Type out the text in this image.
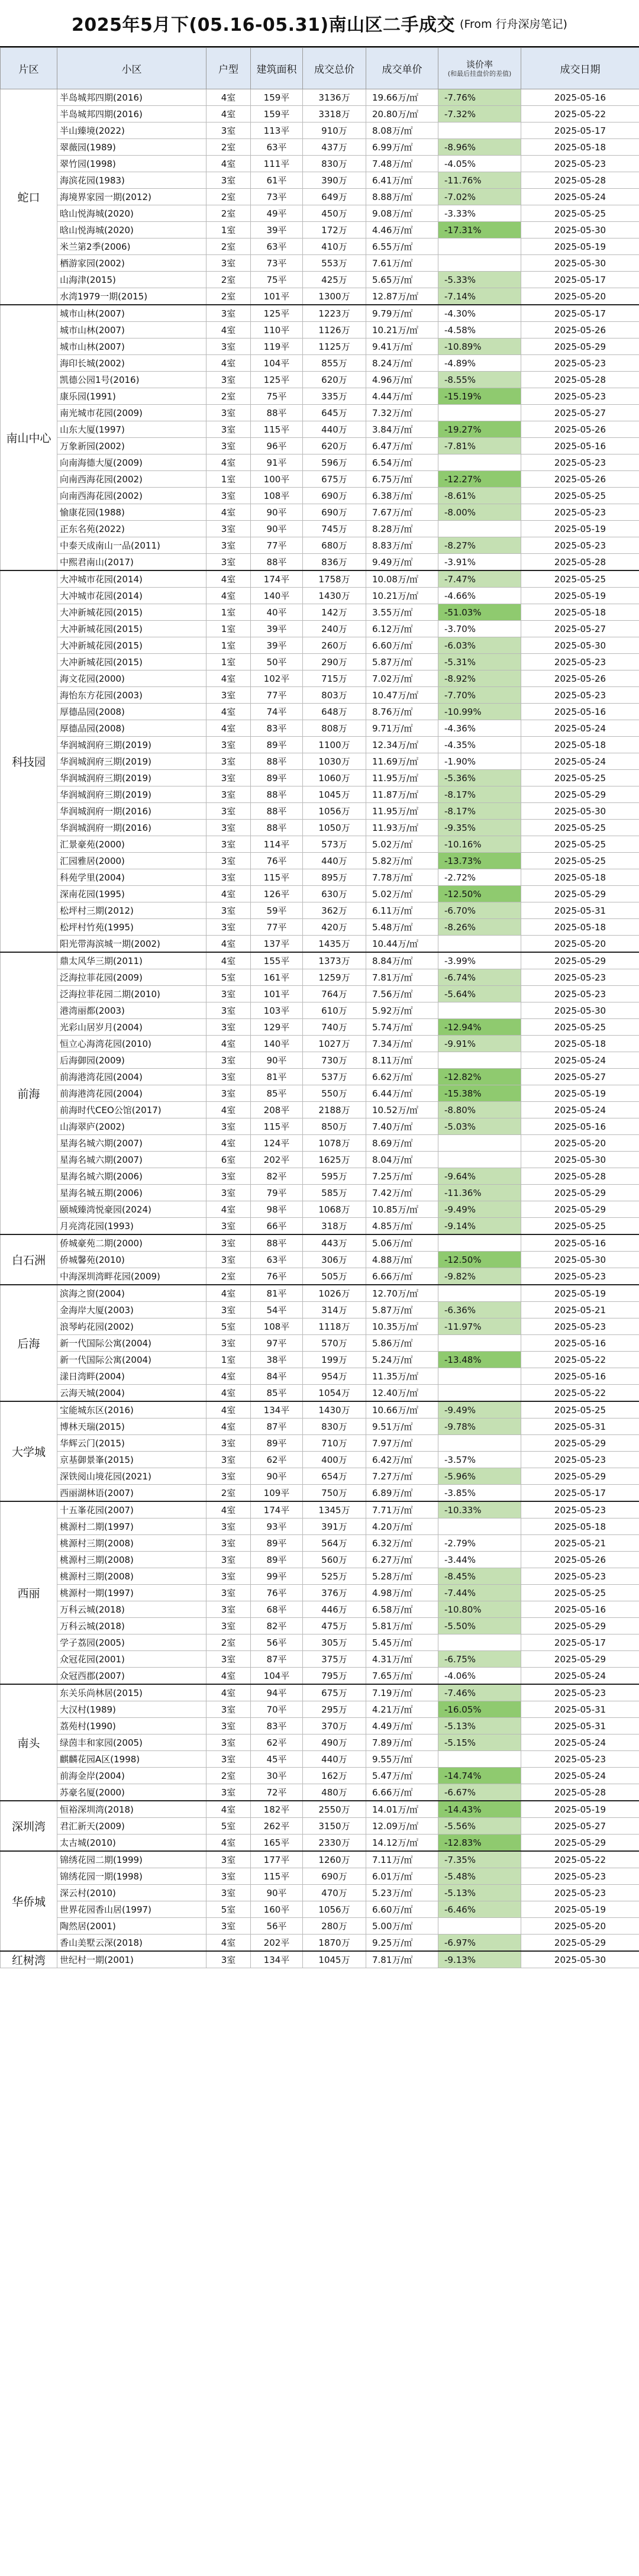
2025年5月下(05.16-05.31)南山区二手成交 (From 行舟深房笔记)
片区	小区	户型	建筑面积	成交总价	成交单价	谈价率
(和最后挂盘价的差值)	成交日期
蛇口	半岛城邦四期(2016)	4室	159平	3136万	19.66万/㎡	-7.76%	2025-05-16
	半岛城邦四期(2016)	4室	159平	3318万	20.80万/㎡	-7.32%	2025-05-22
	半山臻境(2022)	3室	113平	910万	8.08万/㎡		2025-05-17
	翠薇园(1989)	2室	63平	437万	6.99万/㎡	-8.96%	2025-05-18
	翠竹园(1998)	4室	111平	830万	7.48万/㎡	-4.05%	2025-05-23
	海滨花园(1983)	3室	61平	390万	6.41万/㎡	-11.76%	2025-05-28
	海境界家园一期(2012)	2室	73平	649万	8.88万/㎡	-7.02%	2025-05-24
	晗山悦海城(2020)	2室	49平	450万	9.08万/㎡	-3.33%	2025-05-25
	晗山悦海城(2020)	1室	39平	172万	4.46万/㎡	-17.31%	2025-05-30
	米兰第2季(2006)	2室	63平	410万	6.55万/㎡		2025-05-19
	栖游家园(2002)	3室	73平	553万	7.61万/㎡		2025-05-30
	山海津(2015)	2室	75平	425万	5.65万/㎡	-5.33%	2025-05-17
	水湾1979一期(2015)	2室	101平	1300万	12.87万/㎡	-7.14%	2025-05-20
南山中心	城市山林(2007)	3室	125平	1223万	9.79万/㎡	-4.30%	2025-05-17
	城市山林(2007)	4室	110平	1126万	10.21万/㎡	-4.58%	2025-05-26
	城市山林(2007)	3室	119平	1125万	9.41万/㎡	-10.89%	2025-05-29
	海印长城(2002)	4室	104平	855万	8.24万/㎡	-4.89%	2025-05-23
	凯德公园1号(2016)	3室	125平	620万	4.96万/㎡	-8.55%	2025-05-28
	康乐园(1991)	2室	75平	335万	4.44万/㎡	-15.19%	2025-05-23
	南光城市花园(2009)	3室	88平	645万	7.32万/㎡		2025-05-27
	山东大厦(1997)	3室	115平	440万	3.84万/㎡	-19.27%	2025-05-26
	万象新园(2002)	3室	96平	620万	6.47万/㎡	-7.81%	2025-05-16
	向南海德大厦(2009)	4室	91平	596万	6.54万/㎡		2025-05-23
	向南西海花园(2002)	1室	100平	675万	6.75万/㎡	-12.27%	2025-05-26
	向南西海花园(2002)	3室	108平	690万	6.38万/㎡	-8.61%	2025-05-25
	愉康花园(1988)	4室	90平	690万	7.67万/㎡	-8.00%	2025-05-23
	正东名苑(2022)	3室	90平	745万	8.28万/㎡		2025-05-19
	中泰天成南山一品(2011)	3室	77平	680万	8.83万/㎡	-8.27%	2025-05-23
	中熙君南山(2017)	3室	88平	836万	9.49万/㎡	-3.91%	2025-05-28
科技园	大冲城市花园(2014)	4室	174平	1758万	10.08万/㎡	-7.47%	2025-05-25
	大冲城市花园(2014)	4室	140平	1430万	10.21万/㎡	-4.66%	2025-05-19
	大冲新城花园(2015)	1室	40平	142万	3.55万/㎡	-51.03%	2025-05-18
	大冲新城花园(2015)	1室	39平	240万	6.12万/㎡	-3.70%	2025-05-27
	大冲新城花园(2015)	1室	39平	260万	6.60万/㎡	-6.03%	2025-05-30
	大冲新城花园(2015)	1室	50平	290万	5.87万/㎡	-5.31%	2025-05-23
	海文花园(2000)	4室	102平	715万	7.02万/㎡	-8.92%	2025-05-26
	海怡东方花园(2003)	3室	77平	803万	10.47万/㎡	-7.70%	2025-05-23
	厚德品园(2008)	4室	74平	648万	8.76万/㎡	-10.99%	2025-05-16
	厚德品园(2008)	4室	83平	808万	9.71万/㎡	-4.36%	2025-05-24
	华润城润府三期(2019)	3室	89平	1100万	12.34万/㎡	-4.35%	2025-05-18
	华润城润府三期(2019)	3室	88平	1030万	11.69万/㎡	-1.90%	2025-05-24
	华润城润府三期(2019)	3室	89平	1060万	11.95万/㎡	-5.36%	2025-05-25
	华润城润府三期(2019)	3室	88平	1045万	11.87万/㎡	-8.17%	2025-05-29
	华润城润府一期(2016)	3室	88平	1056万	11.95万/㎡	-8.17%	2025-05-30
	华润城润府一期(2016)	3室	88平	1050万	11.93万/㎡	-9.35%	2025-05-25
	汇景豪苑(2000)	3室	114平	573万	5.02万/㎡	-10.16%	2025-05-25
	汇园雅居(2000)	3室	76平	440万	5.82万/㎡	-13.73%	2025-05-25
	科苑学里(2004)	3室	115平	895万	7.78万/㎡	-2.72%	2025-05-18
	深南花园(1995)	4室	126平	630万	5.02万/㎡	-12.50%	2025-05-29
	松坪村三期(2012)	3室	59平	362万	6.11万/㎡	-6.70%	2025-05-31
	松坪村竹苑(1995)	3室	77平	420万	5.48万/㎡	-8.26%	2025-05-18
	阳光带海滨城一期(2002)	4室	137平	1435万	10.44万/㎡		2025-05-20
前海	鼎太风华三期(2011)	4室	155平	1373万	8.84万/㎡	-3.99%	2025-05-29
	泛海拉菲花园(2009)	5室	161平	1259万	7.81万/㎡	-6.74%	2025-05-23
	泛海拉菲花园二期(2010)	3室	101平	764万	7.56万/㎡	-5.64%	2025-05-23
	港湾丽都(2003)	3室	103平	610万	5.92万/㎡		2025-05-30
	光彩山居岁月(2004)	3室	129平	740万	5.74万/㎡	-12.94%	2025-05-25
	恒立心海湾花园(2010)	4室	140平	1027万	7.34万/㎡	-9.91%	2025-05-18
	后海御园(2009)	3室	90平	730万	8.11万/㎡		2025-05-24
	前海港湾花园(2004)	3室	81平	537万	6.62万/㎡	-12.82%	2025-05-27
	前海港湾花园(2004)	3室	85平	550万	6.44万/㎡	-15.38%	2025-05-19
	前海时代CEO公馆(2017)	4室	208平	2188万	10.52万/㎡	-8.80%	2025-05-24
	山海翠庐(2002)	3室	115平	850万	7.40万/㎡	-5.03%	2025-05-16
	星海名城六期(2007)	4室	124平	1078万	8.69万/㎡		2025-05-20
	星海名城六期(2007)	6室	202平	1625万	8.04万/㎡		2025-05-30
	星海名城六期(2006)	3室	82平	595万	7.25万/㎡	-9.64%	2025-05-28
	星海名城五期(2006)	3室	79平	585万	7.42万/㎡	-11.36%	2025-05-29
	颐城臻湾悦豪园(2024)	4室	98平	1068万	10.85万/㎡	-9.49%	2025-05-29
	月亮湾花园(1993)	3室	66平	318万	4.85万/㎡	-9.14%	2025-05-25
白石洲	侨城豪苑二期(2000)	3室	88平	443万	5.06万/㎡		2025-05-16
	侨城馨苑(2010)	3室	63平	306万	4.88万/㎡	-12.50%	2025-05-30
	中海深圳湾畔花园(2009)	2室	76平	505万	6.66万/㎡	-9.82%	2025-05-23
后海	滨海之窗(2004)	4室	81平	1026万	12.70万/㎡		2025-05-19
	金海岸大厦(2003)	3室	54平	314万	5.87万/㎡	-6.36%	2025-05-21
	浪琴屿花园(2002)	5室	108平	1118万	10.35万/㎡	-11.97%	2025-05-23
	新一代国际公寓(2004)	3室	97平	570万	5.86万/㎡		2025-05-16
	新一代国际公寓(2004)	1室	38平	199万	5.24万/㎡	-13.48%	2025-05-22
	漾日湾畔(2004)	4室	84平	954万	11.35万/㎡		2025-05-16
	云海天城(2004)	4室	85平	1054万	12.40万/㎡		2025-05-22
大学城	宝能城东区(2016)	4室	134平	1430万	10.66万/㎡	-9.49%	2025-05-25
	博林天瑞(2015)	4室	87平	830万	9.51万/㎡	-9.78%	2025-05-31
	华辉云门(2015)	3室	89平	710万	7.97万/㎡		2025-05-29
	京基御景峯(2015)	3室	62平	400万	6.42万/㎡	-3.57%	2025-05-23
	深铁阅山境花园(2021)	3室	90平	654万	7.27万/㎡	-5.96%	2025-05-29
	西丽湖林语(2007)	2室	109平	750万	6.89万/㎡	-3.85%	2025-05-17
西丽	十五峯花园(2007)	4室	174平	1345万	7.71万/㎡	-10.33%	2025-05-23
	桃源村二期(1997)	3室	93平	391万	4.20万/㎡		2025-05-18
	桃源村三期(2008)	3室	89平	564万	6.32万/㎡	-2.79%	2025-05-21
	桃源村三期(2008)	3室	89平	560万	6.27万/㎡	-3.44%	2025-05-26
	桃源村三期(2008)	3室	99平	525万	5.28万/㎡	-8.45%	2025-05-23
	桃源村一期(1997)	3室	76平	376万	4.98万/㎡	-7.44%	2025-05-25
	万科云城(2018)	3室	68平	446万	6.58万/㎡	-10.80%	2025-05-16
	万科云城(2018)	3室	82平	475万	5.81万/㎡	-5.50%	2025-05-29
	学子荔园(2005)	2室	56平	305万	5.45万/㎡		2025-05-17
	众冠花园(2001)	3室	87平	375万	4.31万/㎡	-6.75%	2025-05-29
	众冠西郡(2007)	4室	104平	795万	7.65万/㎡	-4.06%	2025-05-24
南头	东关乐尚林居(2015)	4室	94平	675万	7.19万/㎡	-7.46%	2025-05-23
	大汉村(1989)	3室	70平	295万	4.21万/㎡	-16.05%	2025-05-31
	荔苑村(1990)	3室	83平	370万	4.49万/㎡	-5.13%	2025-05-31
	绿茵丰和家园(2005)	3室	62平	490万	7.89万/㎡	-5.15%	2025-05-24
	麒麟花园A区(1998)	3室	45平	440万	9.55万/㎡		2025-05-23
	前海金岸(2004)	2室	30平	162万	5.47万/㎡	-14.74%	2025-05-24
	苏豪名厦(2000)	3室	72平	480万	6.66万/㎡	-6.67%	2025-05-28
深圳湾	恒裕深圳湾(2018)	4室	182平	2550万	14.01万/㎡	-14.43%	2025-05-19
	君汇新天(2009)	5室	262平	3150万	12.09万/㎡	-5.56%	2025-05-27
	太古城(2010)	4室	165平	2330万	14.12万/㎡	-12.83%	2025-05-29
华侨城	锦绣花园二期(1999)	3室	177平	1260万	7.11万/㎡	-7.35%	2025-05-22
	锦绣花园一期(1998)	3室	115平	690万	6.01万/㎡	-5.48%	2025-05-23
	深云村(2010)	3室	90平	470万	5.23万/㎡	-5.13%	2025-05-23
	世界花园香山居(1997)	5室	160平	1056万	6.60万/㎡	-6.46%	2025-05-19
	陶然居(2001)	3室	56平	280万	5.00万/㎡		2025-05-20
	香山美墅云深(2018)	4室	202平	1870万	9.25万/㎡	-6.97%	2025-05-29
红树湾	世纪村一期(2001)	3室	134平	1045万	7.81万/㎡	-9.13%	2025-05-30
